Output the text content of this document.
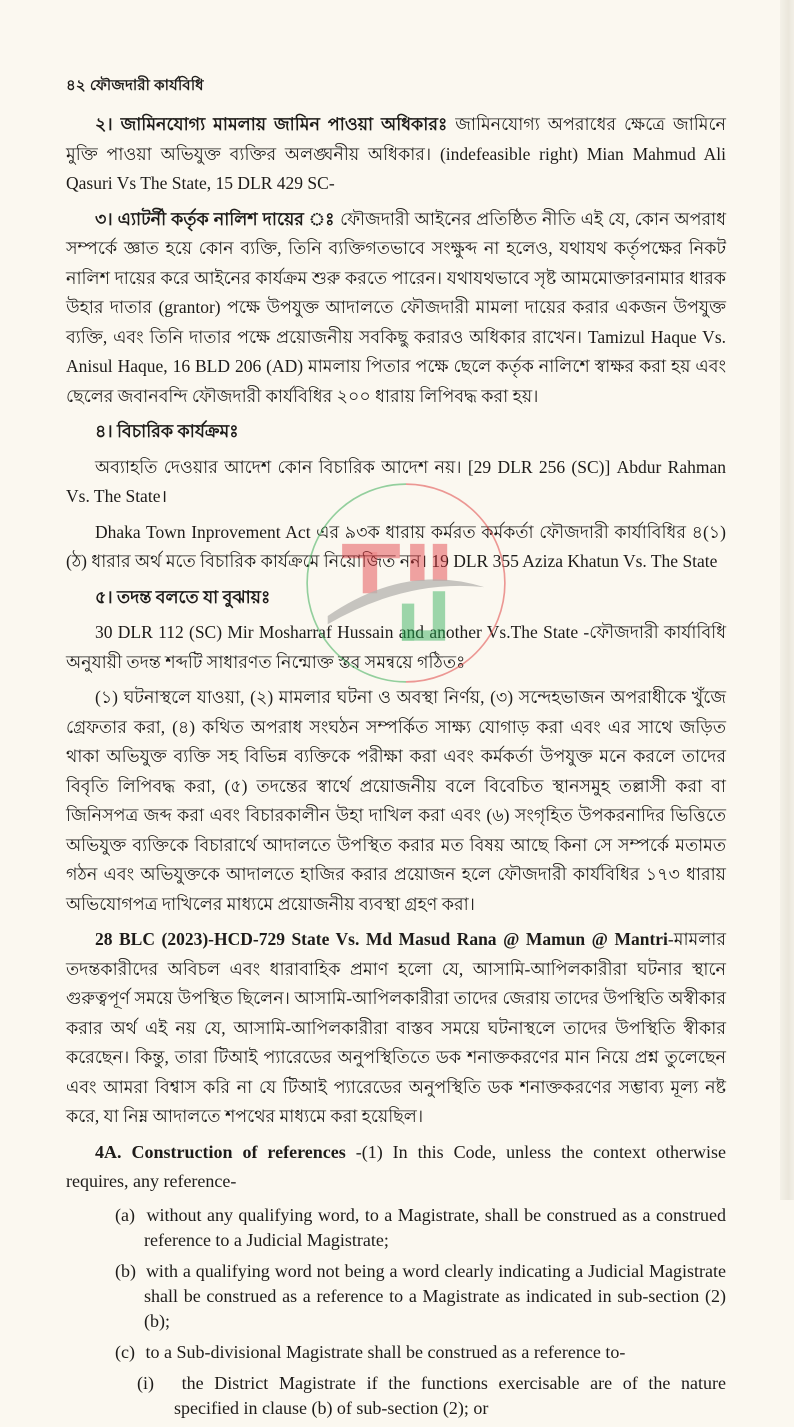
৪২ ফৌজদারী কার্যবিধি

২। জামিনযোগ্য মামলায় জামিন পাওয়া অধিকারঃ জামিনযোগ্য অপরাধের ক্ষেত্রে জামিনে মুক্তি পাওয়া অভিযুক্ত ব্যক্তির অলঙ্ঘনীয় অধিকার। (indefeasible right) Mian Mahmud Ali Qasuri Vs The State, 15 DLR 429 SC-

৩। এ্যাটর্নী কর্তৃক নালিশ দায়ের ঃ ফৌজদারী আইনের প্রতিষ্ঠিত নীতি এই যে, কোন অপরাধ সম্পর্কে জ্ঞাত হয়ে কোন ব্যক্তি, তিনি ব্যক্তিগতভাবে সংক্ষুব্দ না হলেও, যথাযথ কর্তৃপক্ষের নিকট নালিশ দায়ের করে আইনের কার্যক্রম শুরু করতে পারেন। যথাযথভাবে সৃষ্ট আমমোক্তারনামার ধারক উহার দাতার (grantor) পক্ষে উপযুক্ত আদালতে ফৌজদারী মামলা দায়ের করার একজন উপযুক্ত ব্যক্তি, এবং তিনি দাতার পক্ষে প্রয়োজনীয় সবকিছু করারও অধিকার রাখেন। Tamizul Haque Vs. Anisul Haque, 16 BLD 206 (AD) মামলায় পিতার পক্ষে ছেলে কর্তৃক নালিশে স্বাক্ষর করা হয় এবং ছেলের জবানবন্দি ফৌজদারী কার্যবিধির ২০০ ধারায় লিপিবদ্ধ করা হয়।

৪। বিচারিক কার্যক্রমঃ

অব্যাহতি দেওয়ার আদেশ কোন বিচারিক আদেশ নয়। [29 DLR 256 (SC)] Abdur Rahman Vs. The State।

Dhaka Town Inprovement Act এর ৯৩ক ধারায় কর্মরত কর্মকর্তা ফৌজদারী কার্যাবিধির ৪(১)(ঠ) ধারার অর্থ মতে বিচারিক কার্যক্রমে নিয়োজিত নন। 19 DLR 355 Aziza Khatun Vs. The State

৫। তদন্ত বলতে যা বুঝায়ঃ

30 DLR 112 (SC) Mir Mosharraf Hussain and another Vs.The State -ফৌজদারী কার্যাবিধি অনুযায়ী তদন্ত শব্দটি সাধারণত নিন্মোক্ত স্তর সমন্বয়ে গঠিতঃ

(১) ঘটনাস্থলে যাওয়া, (২) মামলার ঘটনা ও অবস্থা নির্ণয়, (৩) সন্দেহভাজন অপরাধীকে খুঁজে গ্রেফতার করা, (৪) কথিত অপরাধ সংঘঠন সম্পর্কিত সাক্ষ্য যোগাড় করা এবং এর সাথে জড়িত থাকা অভিযুক্ত ব্যক্তি সহ বিভিন্ন ব্যক্তিকে পরীক্ষা করা এবং কর্মকর্তা উপযুক্ত মনে করলে তাদের বিবৃতি লিপিবদ্ধ করা, (৫) তদন্তের স্বার্থে প্রয়োজনীয় বলে বিবেচিত স্থানসমুহ তল্লাসী করা বা জিনিসপত্র জব্দ করা এবং বিচারকালীন উহা দাখিল করা এবং (৬) সংগৃহিত উপকরনাদির ভিত্তিতে অভিযুক্ত ব্যক্তিকে বিচারার্থে আদালতে উপস্থিত করার মত বিষয় আছে কিনা সে সম্পর্কে মতামত গঠন এবং অভিযুক্তকে আদালতে হাজির করার প্রয়োজন হলে ফৌজদারী কার্যবিধির ১৭৩ ধারায় অভিযোগপত্র দাখিলের মাধ্যমে প্রয়োজনীয় ব্যবস্থা গ্রহণ করা।

28 BLC (2023)-HCD-729 State Vs. Md Masud Rana @ Mamun @ Mantri-মামলার তদন্তকারীদের অবিচল এবং ধারাবাহিক প্রমাণ হলো যে, আসামি-আপিলকারীরা ঘটনার স্থানে গুরুত্বপূর্ণ সময়ে উপস্থিত ছিলেন। আসামি-আপিলকারীরা তাদের জেরায় তাদের উপস্থিতি অস্বীকার করার অর্থ এই নয় যে, আসামি-আপিলকারীরা বাস্তব সময়ে ঘটনাস্থলে তাদের উপস্থিতি স্বীকার করেছেন। কিন্তু, তারা টিআই প্যারেডের অনুপস্থিতিতে ডক শনাক্তকরণের মান নিয়ে প্রশ্ন তুলেছেন এবং আমরা বিশ্বাস করি না যে টিআই প্যারেডের অনুপস্থিতি ডক শনাক্তকরণের সম্ভাব্য মূল্য নষ্ট করে, যা নিম্ন আদালতে শপথের মাধ্যমে করা হয়েছিল।

4A. Construction of references -(1) In this Code, unless the context otherwise requires, any reference-

(a) without any qualifying word, to a Magistrate, shall be construed as a construed reference to a Judicial Magistrate;
(b) with a qualifying word not being a word clearly indicating a Judicial Magistrate shall be construed as a reference to a Magistrate as indicated in sub-section (2) (b);
(c) to a Sub-divisional Magistrate shall be construed as a reference to-
(i) the District Magistrate if the functions exercisable are of the nature specified in clause (b) of sub-section (2); or
